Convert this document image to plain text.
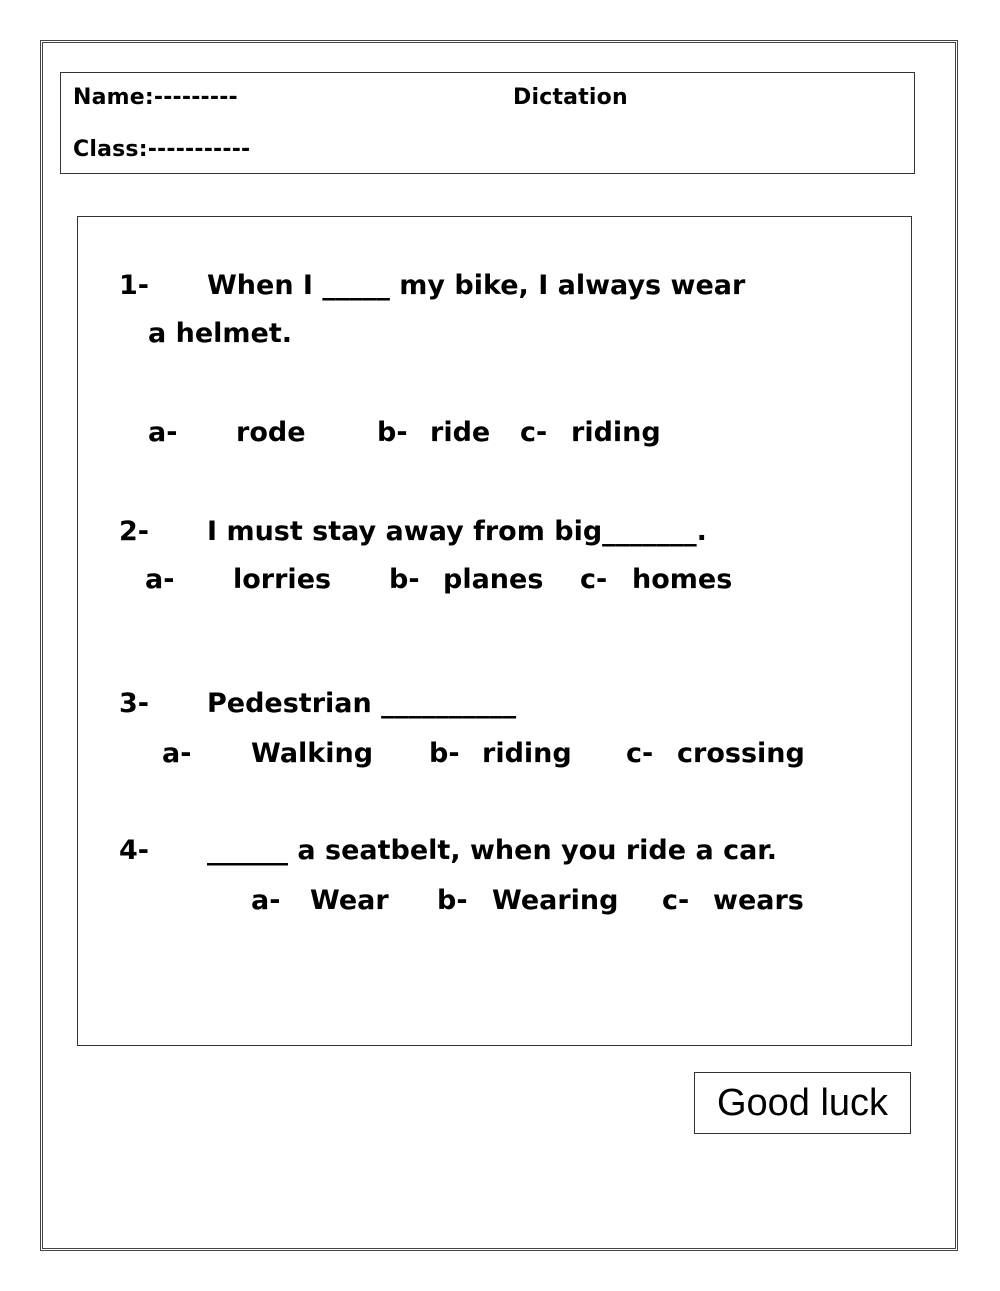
Name:---------
Class:-----------
Dictation
1- When I _____ my bike, I always wear
a helmet.
a- rode	b- ride c- riding
2- I must stay away from big_______.
a- lorries b- planes c- homes
3- Pedestrian __________
a- Walking b- riding c- crossing
4- ______ a seatbelt, when you ride a car.
a- Wear b- Wearing c- wears
Good luck
